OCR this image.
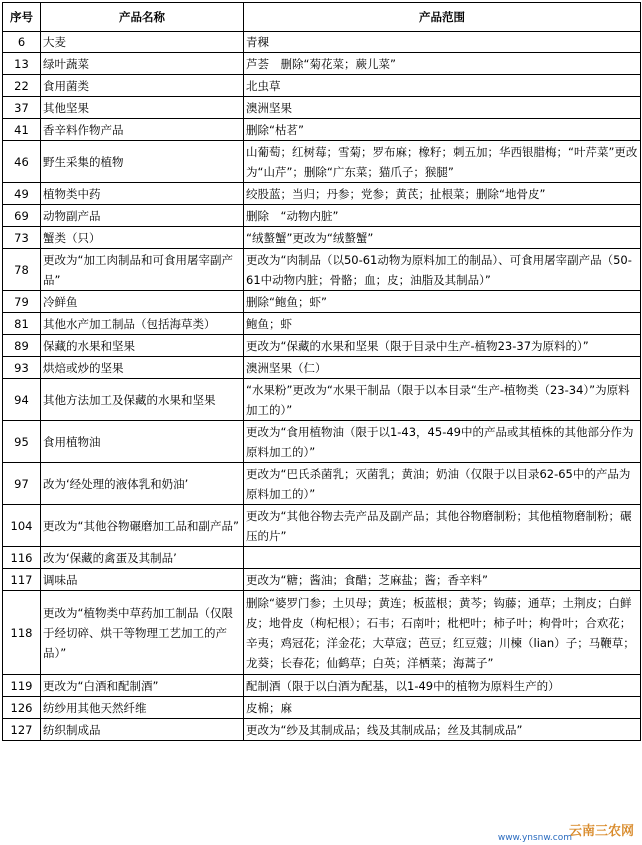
序号	产品名称	产品范围
6	大麦	青稞
13	绿叶蔬菜	芦荟　删除“菊花菜；蕨儿菜”
22	食用菌类	北虫草
37	其他坚果	澳洲坚果
41	香辛料作物产品	删除“枯茗”
46	野生采集的植物	山葡萄；红树莓；雪菊；罗布麻；橡籽；刺五加；华西银腊梅；“叶芹菜”更改为“山芹”；删除“广东菜；猫爪子；猴腿”
49	植物类中药	绞股蓝；当归；丹参；党参；黄芪；扯根菜；删除“地骨皮”
69	动物副产品	删除　“动物内脏”
73	蟹类（只）	“绒螯蟹”更改为“绒螯蟹”
78	更改为“加工肉制品和可食用屠宰副产品”	更改为“肉制品（以50-61动物为原料加工的制品）、可食用屠宰副产品（50-61中动物内脏；骨骼；血；皮；油脂及其制品）”
79	冷鲜鱼	删除“鲍鱼；虾”
81	其他水产加工制品（包括海草类）	鲍鱼；虾
89	保藏的水果和坚果	更改为“保藏的水果和坚果（限于目录中生产-植物23-37为原料的）”
93	烘焙或炒的坚果	澳洲坚果（仁）
94	其他方法加工及保藏的水果和坚果	“水果粉”更改为“水果干制品（限于以本目录“生产-植物类（23-34）”为原料加工的）”
95	食用植物油	更改为“食用植物油（限于以1-43，45-49中的产品或其植株的其他部分作为原料加工的）”
97	改为‘经处理的液体乳和奶油’	更改为“巴氏杀菌乳；灭菌乳；黄油；奶油（仅限于以目录62-65中的产品为原料加工的）”
104	更改为“其他谷物碾磨加工品和副产品”	更改为“其他谷物去壳产品及副产品；其他谷物磨制粉；其他植物磨制粉；碾压的片”
116	改为‘保藏的禽蛋及其制品’	
117	调味品	更改为“糖；酱油；食醋；芝麻盐；酱；香辛料”
118	更改为“植物类中草药加工制品（仅限于经切碎、烘干等物理工艺加工的产品）”	删除“婆罗门参；土贝母；黄连；板蓝根；黄芩；钩藤；通草；土荆皮；白鲜皮；地骨皮（枸杞根）；石韦；石南叶；枇杷叶；柿子叶；枸骨叶；合欢花；辛夷；鸡冠花；洋金花；大草寇；芭豆；红豆蔻；川楝（lian）子；马鞭草；龙葵；长春花；仙鹤草；白英；洋栖菜；海蒿子”
119	更改为“白酒和配制酒”	配制酒（限于以白酒为配基，以1-49中的植物为原料生产的）
126	纺纱用其他天然纤维	皮棉；麻
127	纺织制成品	更改为“纱及其制成品；线及其制成品；丝及其制成品”
www.ynsnw.com
云南三农网
